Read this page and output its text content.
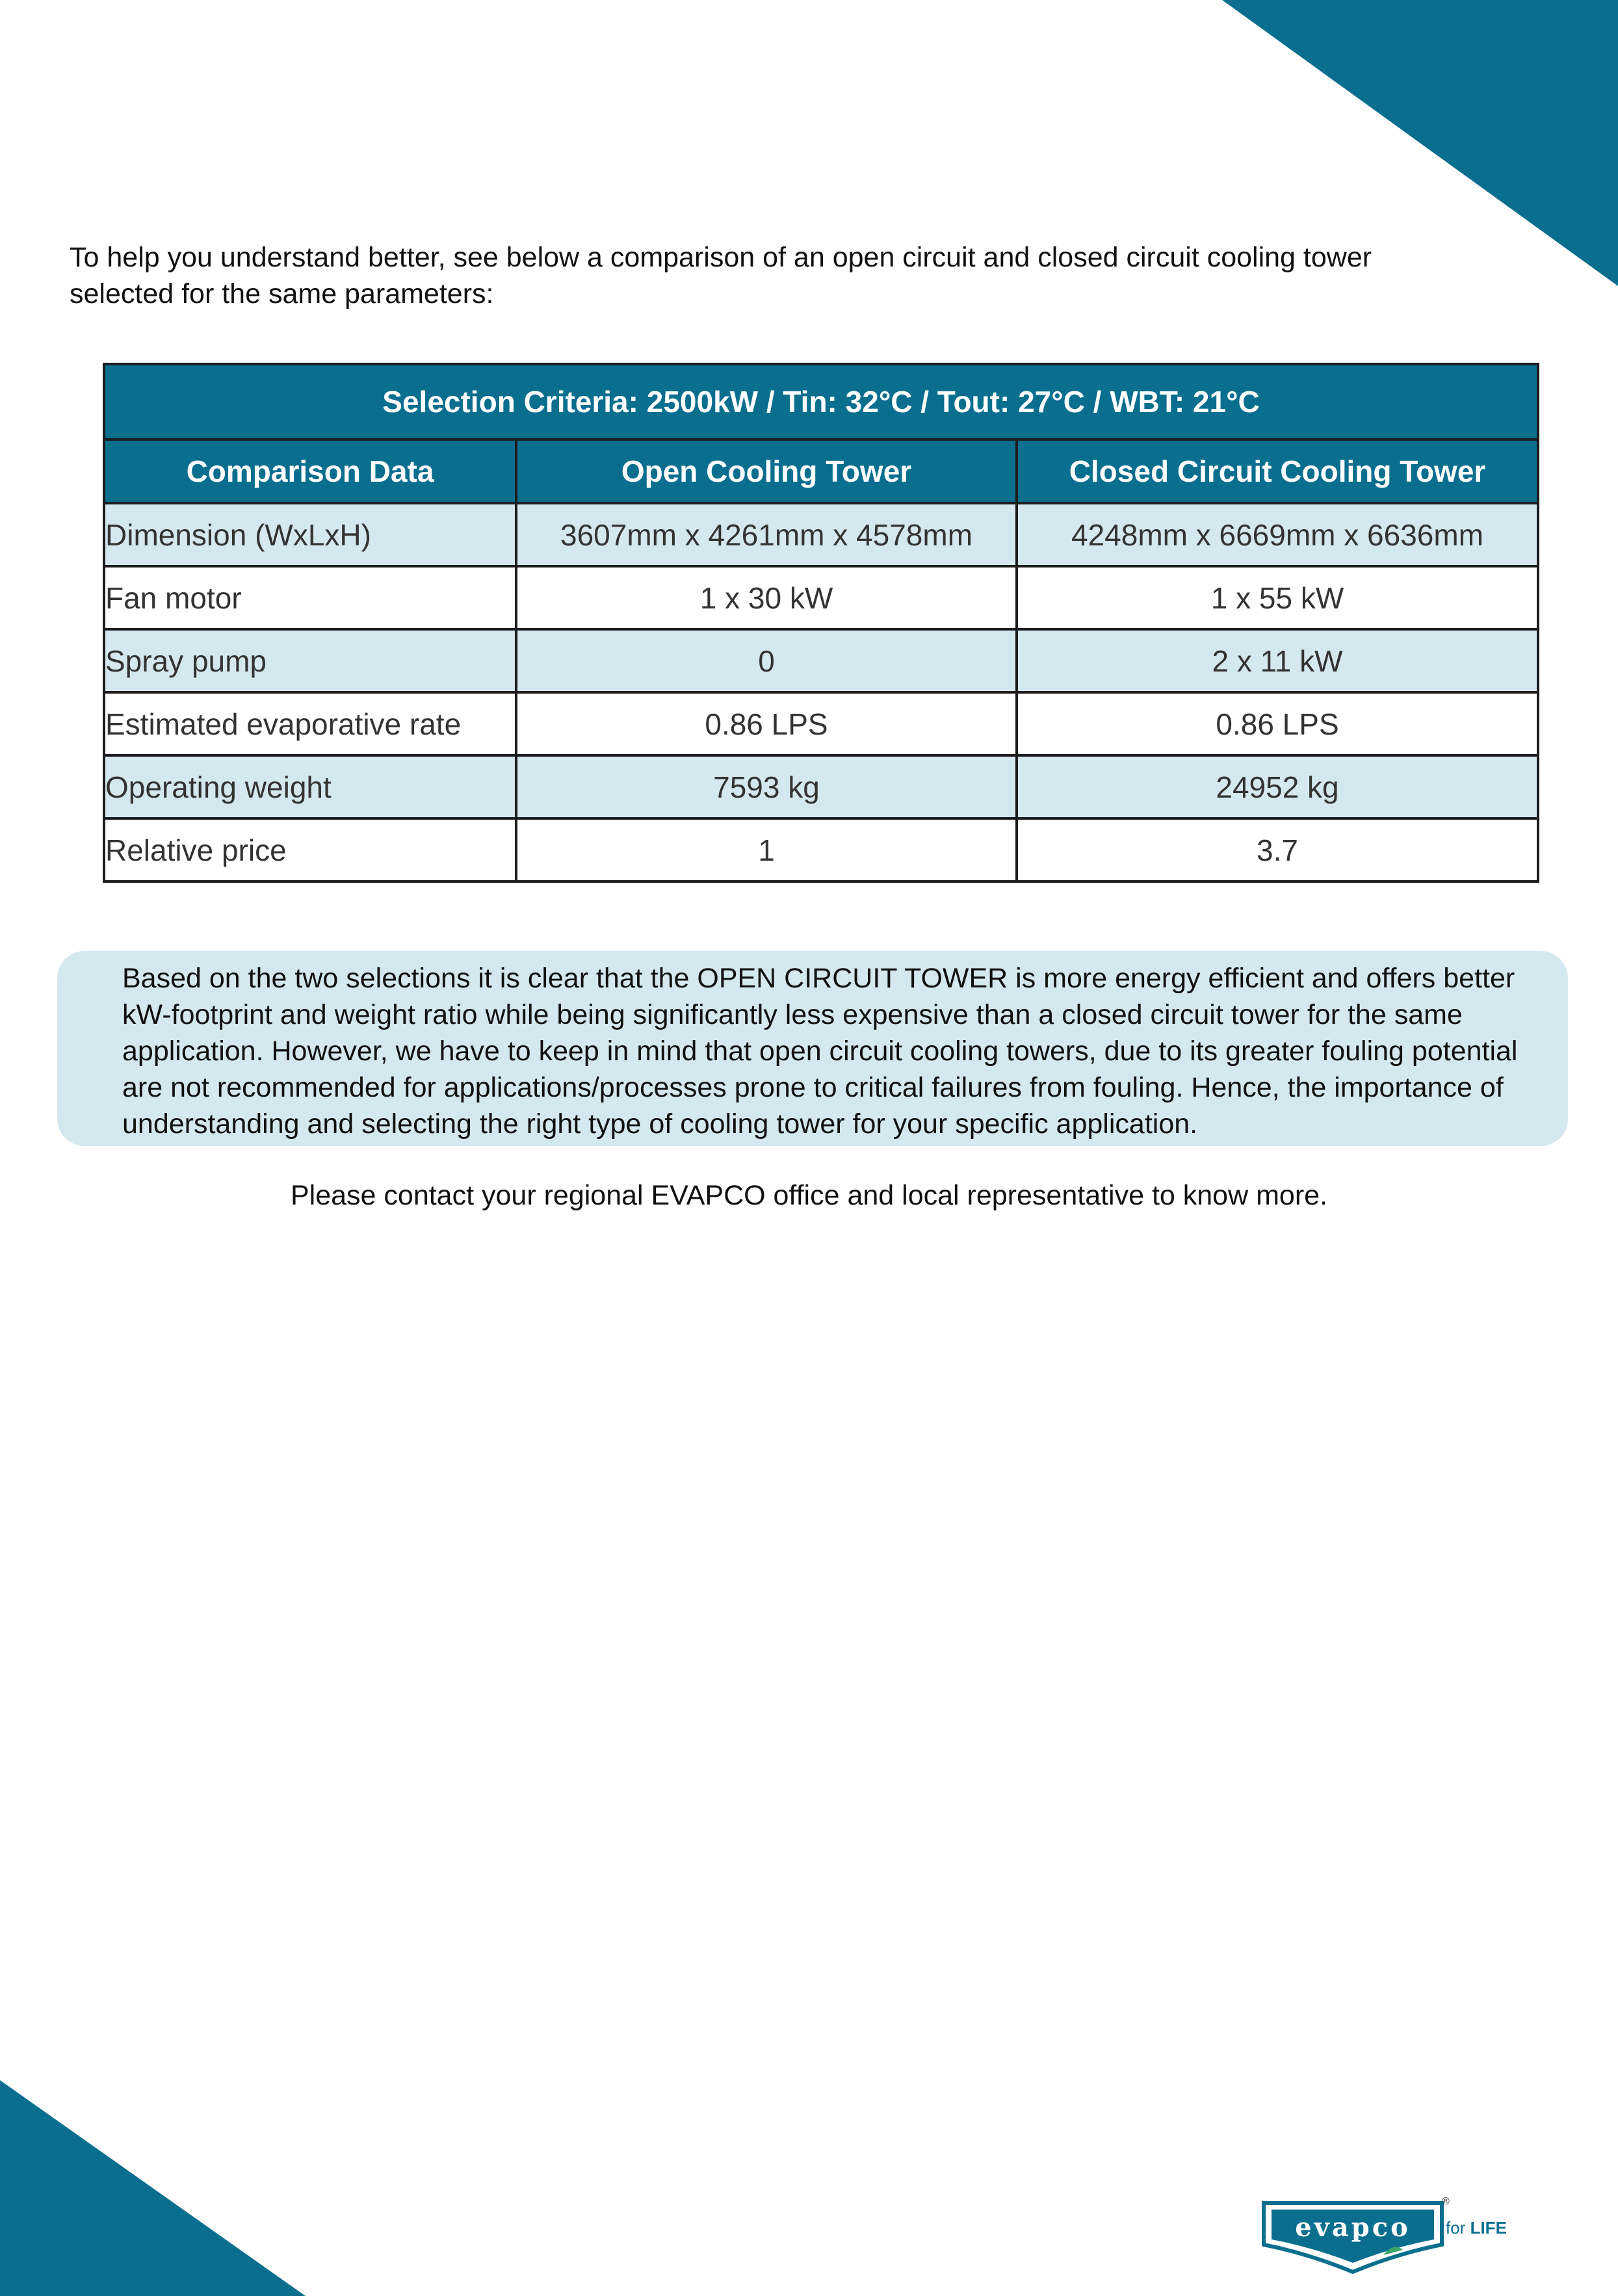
To help you understand better, see below a comparison of an open circuit and closed circuit cooling tower
selected for the same parameters:
Selection Criteria: 2500kW / Tin: 32°C / Tout: 27°C / WBT: 21°C		
Comparison Data	Open Cooling Tower	Closed Circuit Cooling Tower
Dimension (WxLxH)	3607mm x 4261mm x 4578mm	4248mm x 6669mm x 6636mm
Fan motor	1 x 30 kW	1 x 55 kW
Spray pump	0	2 x 11 kW
Estimated evaporative rate	0.86 LPS	0.86 LPS
Operating weight	7593 kg	24952 kg
Relative price	1	3.7

Based on the two selections it is clear that the OPEN CIRCUIT TOWER is more energy efficient and offers better kW-footprint and weight ratio while being significantly less expensive than a closed circuit tower for the same application. However, we have to keep in mind that open circuit cooling towers, due to its greater fouling potential are not recommended for applications/processes prone to critical failures from fouling. Hence, the importance of understanding and selecting the right type of cooling tower for your specific application.

Please contact your regional EVAPCO office and local representative to know more.
evapco
®
for LIFE
